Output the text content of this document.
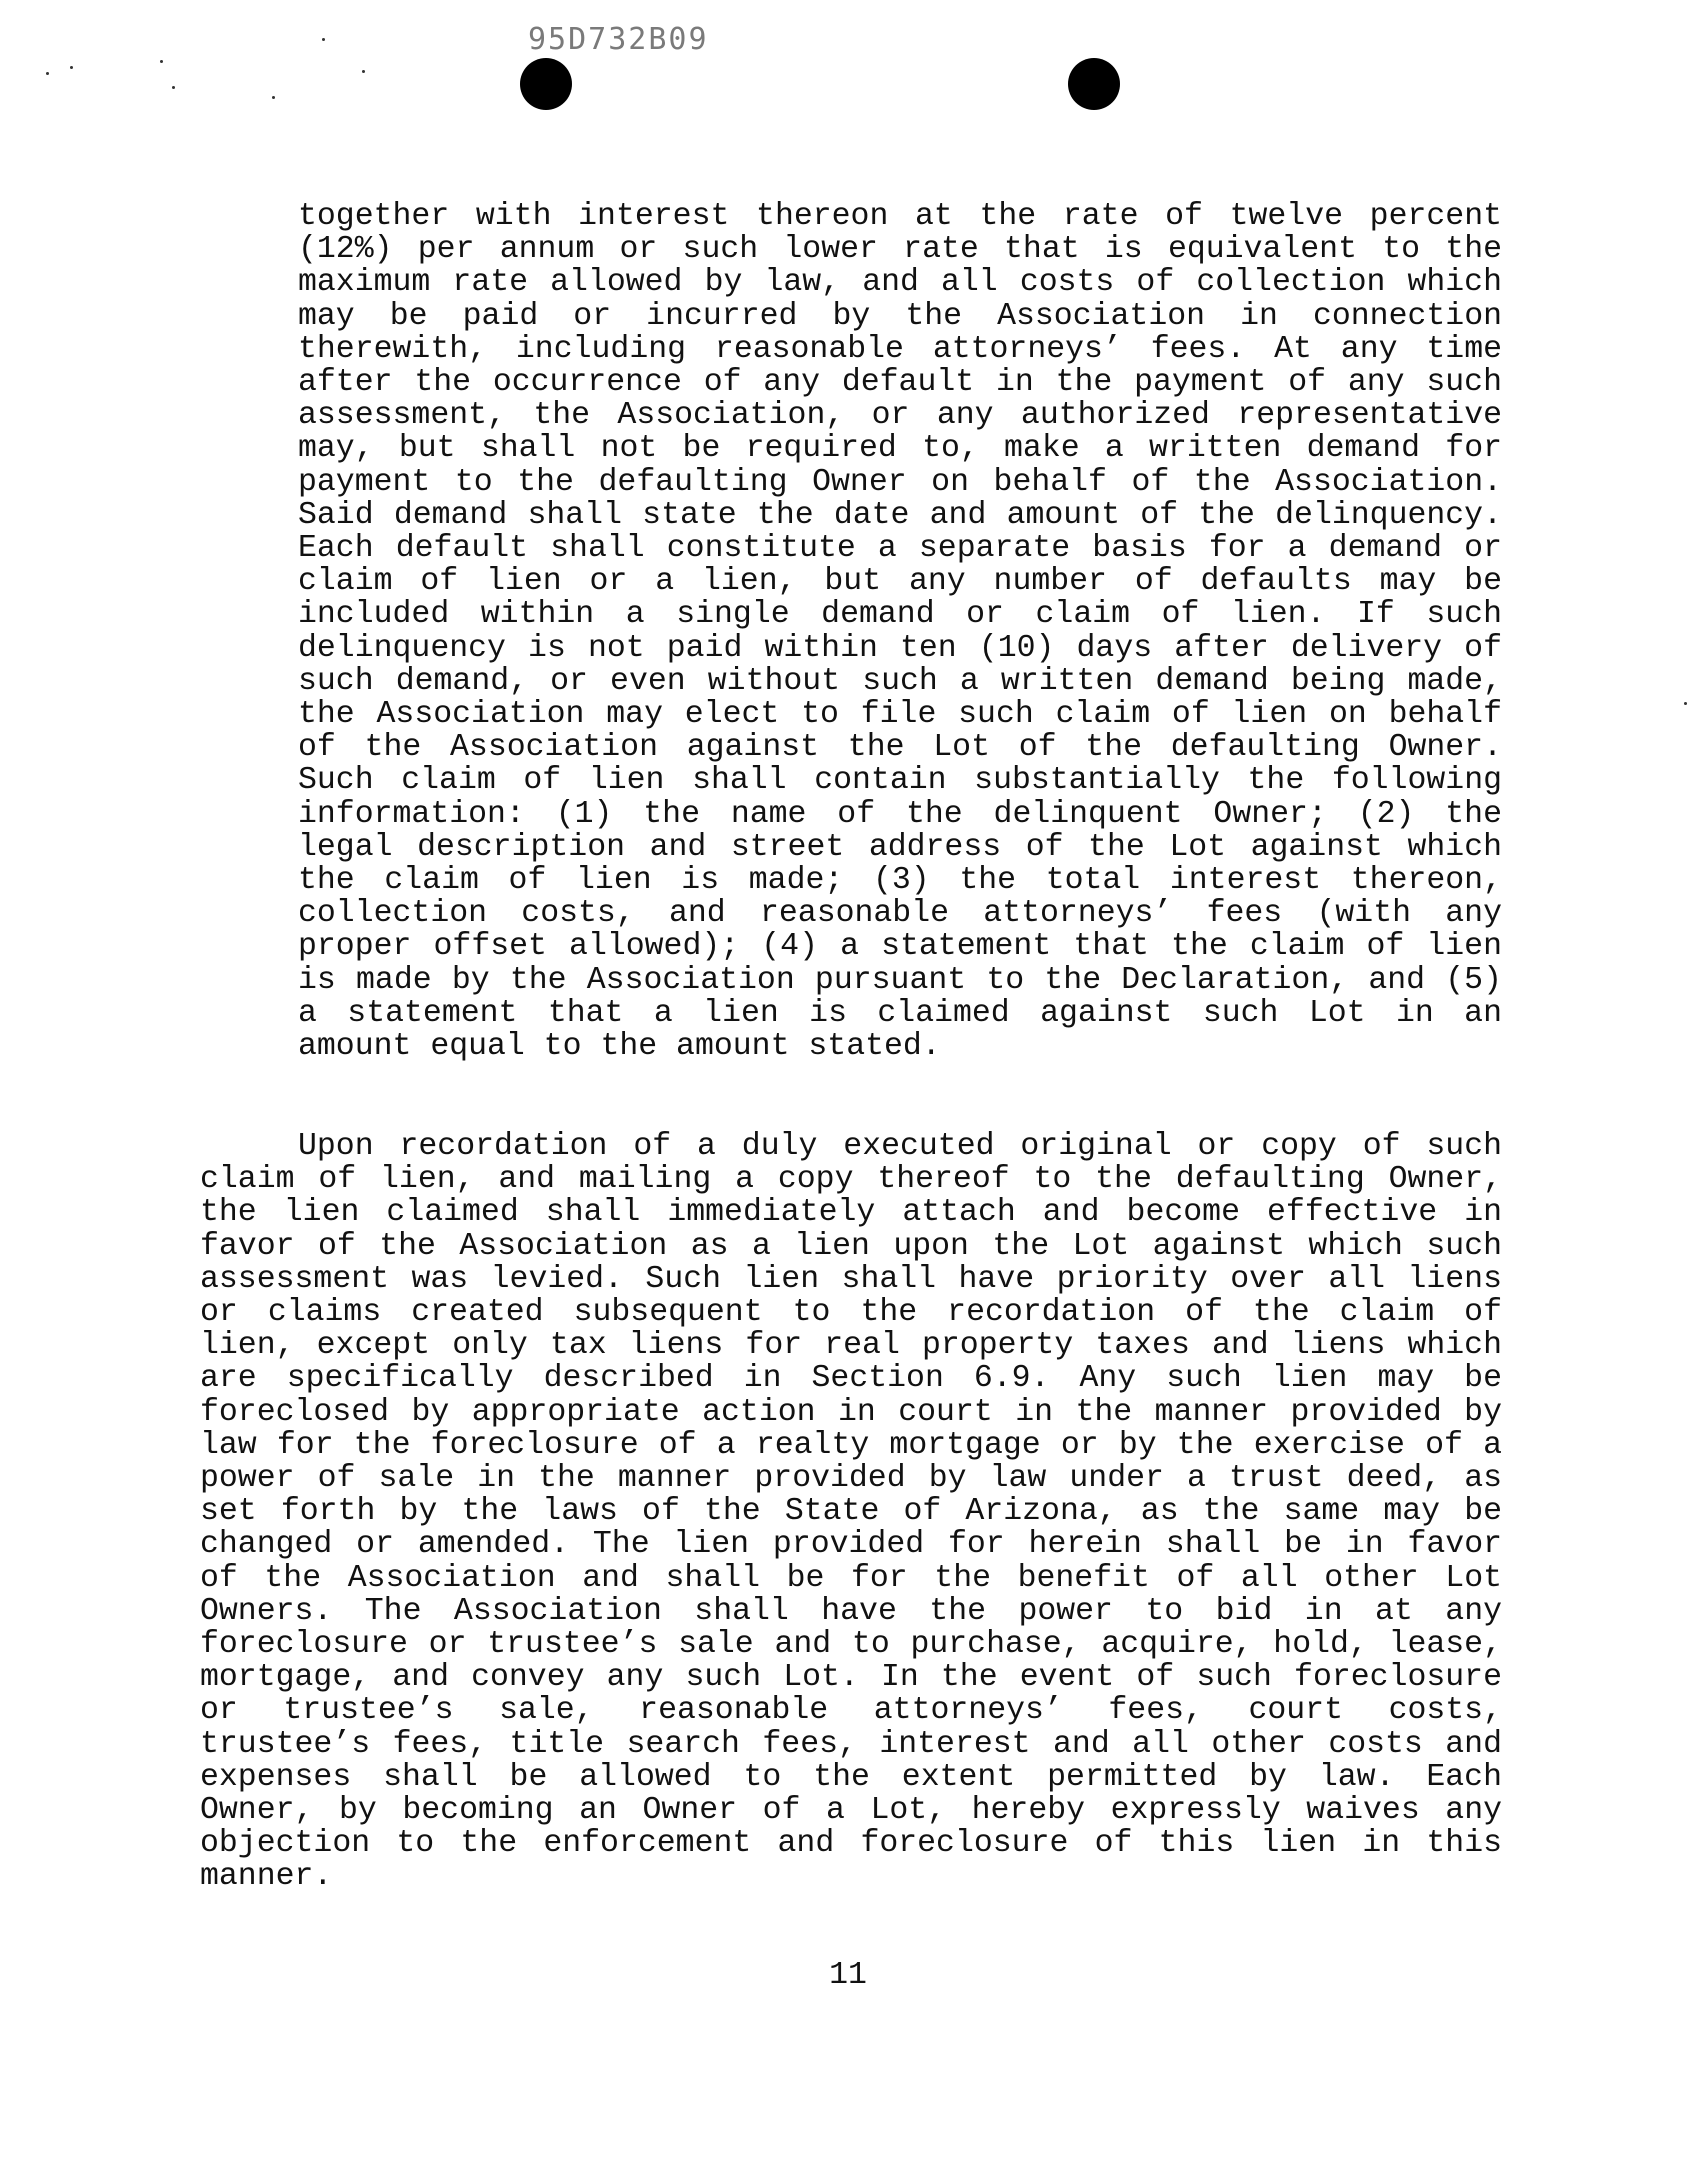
95D732B09

together with interest thereon at the rate of twelve percent (12%) per annum or such lower rate that is equivalent to the maximum rate allowed by law, and all costs of collection which may be paid or incurred by the Association in connection therewith, including reasonable attorneys’ fees. At any time after the occurrence of any default in the payment of any such assessment, the Association, or any authorized representative may, but shall not be required to, make a written demand for payment to the defaulting Owner on behalf of the Association. Said demand shall state the date and amount of the delinquency. Each default shall constitute a separate basis for a demand or claim of lien or a lien, but any number of defaults may be included within a single demand or claim of lien. If such delinquency is not paid within ten (10) days after delivery of such demand, or even without such a written demand being made, the Association may elect to file such claim of lien on behalf of the Association against the Lot of the defaulting Owner. Such claim of lien shall contain substantially the following information: (1) the name of the delinquent Owner; (2) the legal description and street address of the Lot against which the claim of lien is made; (3) the total interest thereon, collection costs, and reasonable attorneys’ fees (with any proper offset allowed); (4) a statement that the claim of lien is made by the Association pursuant to the Declaration, and (5) a statement that a lien is claimed against such Lot in an amount equal to the amount stated.

Upon recordation of a duly executed original or copy of such claim of lien, and mailing a copy thereof to the defaulting Owner, the lien claimed shall immediately attach and become effective in favor of the Association as a lien upon the Lot against which such assessment was levied. Such lien shall have priority over all liens or claims created subsequent to the recordation of the claim of lien, except only tax liens for real property taxes and liens which are specifically described in Section 6.9. Any such lien may be foreclosed by appropriate action in court in the manner provided by law for the foreclosure of a realty mortgage or by the exercise of a power of sale in the manner provided by law under a trust deed, as set forth by the laws of the State of Arizona, as the same may be changed or amended. The lien provided for herein shall be in favor of the Association and shall be for the benefit of all other Lot Owners. The Association shall have the power to bid in at any foreclosure or trustee’s sale and to purchase, acquire, hold, lease, mortgage, and convey any such Lot. In the event of such foreclosure or trustee’s sale, reasonable attorneys’ fees, court costs, trustee’s fees, title search fees, interest and all other costs and expenses shall be allowed to the extent permitted by law. Each Owner, by becoming an Owner of a Lot, hereby expressly waives any objection to the enforcement and foreclosure of this lien in this manner.

11
